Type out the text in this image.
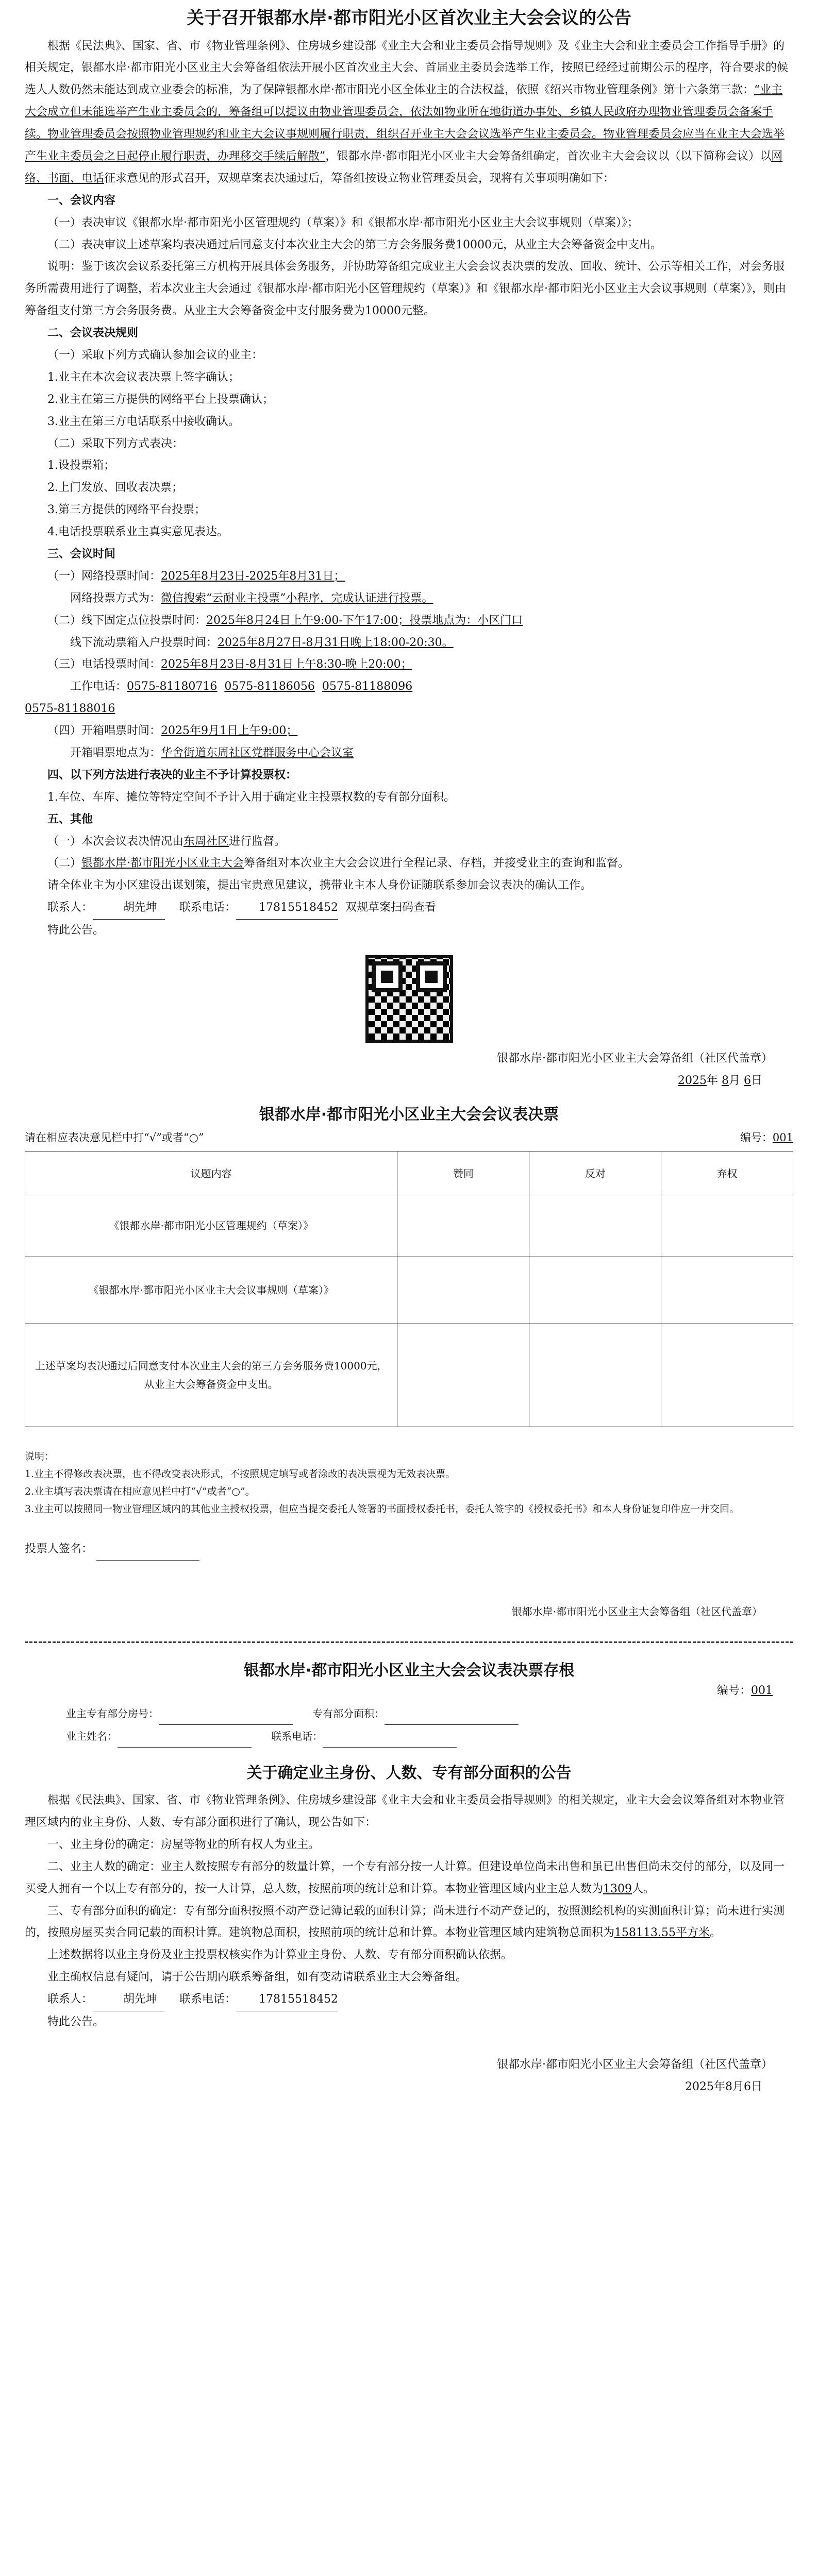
关于召开银都水岸·都市阳光小区首次业主大会会议的公告

根据《民法典》、国家、省、市《物业管理条例》、住房城乡建设部《业主大会和业主委员会指导规则》及《业主大会和业主委员会工作指导手册》的相关规定，银都水岸·都市阳光小区业主大会筹备组依法开展小区首次业主大会、首届业主委员会选举工作，按照已经经过前期公示的程序，符合要求的候选人人数仍然未能达到成立业委会的标准，为了保障银都水岸·都市阳光小区全体业主的合法权益，依照《绍兴市物业管理条例》第十六条第三款：“业主大会成立但未能选举产生业主委员会的，筹备组可以提议由物业管理委员会，依法如物业所在地街道办事处、乡镇人民政府办理物业管理委员会备案手续。物业管理委员会按照物业管理规约和业主大会议事规则履行职责，组织召开业主大会会议选举产生业主委员会。物业管理委员会应当在业主大会选举产生业主委员会之日起停止履行职责，办理移交手续后解散”，银都水岸·都市阳光小区业主大会筹备组确定，首次业主大会会议以（以下简称会议）以网络、书面、电话征求意见的形式召开，双规草案表决通过后，筹备组按设立物业管理委员会，现将有关事项明确如下：

一、会议内容

（一）表决审议《银都水岸·都市阳光小区管理规约（草案）》和《银都水岸·都市阳光小区业主大会议事规则（草案）》；

（二）表决审议上述草案均表决通过后同意支付本次业主大会的第三方会务服务费10000元，从业主大会筹备资金中支出。

说明：鉴于该次会议系委托第三方机构开展具体会务服务，并协助筹备组完成业主大会会议表决票的发放、回收、统计、公示等相关工作，对会务服务所需费用进行了调整，若本次业主大会通过《银都水岸·都市阳光小区管理规约（草案）》和《银都水岸·都市阳光小区业主大会议事规则（草案）》，则由筹备组支付第三方会务服务费。从业主大会筹备资金中支付服务费为10000元整。

二、会议表决规则

（一）采取下列方式确认参加会议的业主：

1.业主在本次会议表决票上签字确认；

2.业主在第三方提供的网络平台上投票确认；

3.业主在第三方电话联系中接收确认。

（二）采取下列方式表决：

1.设投票箱；

2.上门发放、回收表决票；

3.第三方提供的网络平台投票；

4.电话投票联系业主真实意见表达。

三、会议时间

（一）网络投票时间：2025年8月23日-2025年8月31日；

网络投票方式为：微信搜索“云耐业主投票”小程序，完成认证进行投票。

（二）线下固定点位投票时间：2025年8月24日上午9:00-下午17:00；投票地点为：小区门口

线下流动票箱入户投票时间：2025年8月27日-8月31日晚上18:00-20:30。

（三）电话投票时间：2025年8月23日-8月31日上午8:30-晚上20:00；

工作电话：0575-81180716 0575-81186056 0575-81188096

0575-81188016

（四）开箱唱票时间：2025年9月1日上午9:00；

开箱唱票地点为：华舍街道东周社区党群服务中心会议室

四、以下列方法进行表决的业主不予计算投票权：

1.车位、车库、摊位等特定空间不予计入用于确定业主投票权数的专有部分面积。

五、其他

（一）本次会议表决情况由东周社区进行监督。

（二）银都水岸·都市阳光小区业主大会筹备组对本次业主大会会议进行全程记录、存档，并接受业主的查询和监督。

请全体业主为小区建设出谋划策，提出宝贵意见建议，携带业主本人身份证随联系参加会议表决的确认工作。

联系人：	胡先坤 联系电话： 17815518452 双规草案扫码查看

特此公告。

银都水岸·都市阳光小区业主大会筹备组（社区代盖章）

2025年 8月 6日

银都水岸·都市阳光小区业主大会会议表决票
请在相应表决意见栏中打“√”或者“○”	编号：001
议题内容	赞同	反对	弃权
《银都水岸·都市阳光小区管理规约（草案）》			
《银都水岸·都市阳光小区业主大会议事规则（草案）》			
上述草案均表决通过后同意支付本次业主大会的第三方会务服务费10000元，从业主大会筹备资金中支出。			

说明：

1.业主不得修改表决票，也不得改变表决形式，不按照规定填写或者涂改的表决票视为无效表决票。

2.业主填写表决票请在相应意见栏中打“√”或者“○”。

3.业主可以按照同一物业管理区域内的其他业主授权投票，但应当提交委托人签署的书面授权委托书，委托人签字的《授权委托书》和本人身份证复印件应一并交回。

投票人签名：

银都水岸·都市阳光小区业主大会筹备组（社区代盖章）

银都水岸·都市阳光小区业主大会会议表决票存根

编号：001

业主专有部分房号：	专有部分面积：
业主姓名：	联系电话：
关于确定业主身份、人数、专有部分面积的公告

根据《民法典》、国家、省、市《物业管理条例》、住房城乡建设部《业主大会和业主委员会指导规则》的相关规定，业主大会会议筹备组对本物业管理区域内的业主身份、人数、专有部分面积进行了确认，现公告如下：

一、业主身份的确定：房屋等物业的所有权人为业主。

二、业主人数的确定：业主人数按照专有部分的数量计算，一个专有部分按一人计算。但建设单位尚未出售和虽已出售但尚未交付的部分，以及同一买受人拥有一个以上专有部分的，按一人计算，总人数，按照前项的统计总和计算。本物业管理区域内业主总人数为1309人。

三、专有部分面积的确定：专有部分面积按照不动产登记簿记载的面积计算；尚未进行不动产登记的，按照测绘机构的实测面积计算；尚未进行实测的，按照房屋买卖合同记载的面积计算。建筑物总面积，按照前项的统计总和计算。本物业管理区域内建筑物总面积为158113.55平方米。

上述数据将以业主身份及业主投票权核实作为计算业主身份、人数、专有部分面积确认依据。

业主确权信息有疑问，请于公告期内联系筹备组，如有变动请联系业主大会筹备组。

联系人：	胡先坤 联系电话： 17815518452

特此公告。

银都水岸·都市阳光小区业主大会筹备组（社区代盖章）

2025年8月6日
